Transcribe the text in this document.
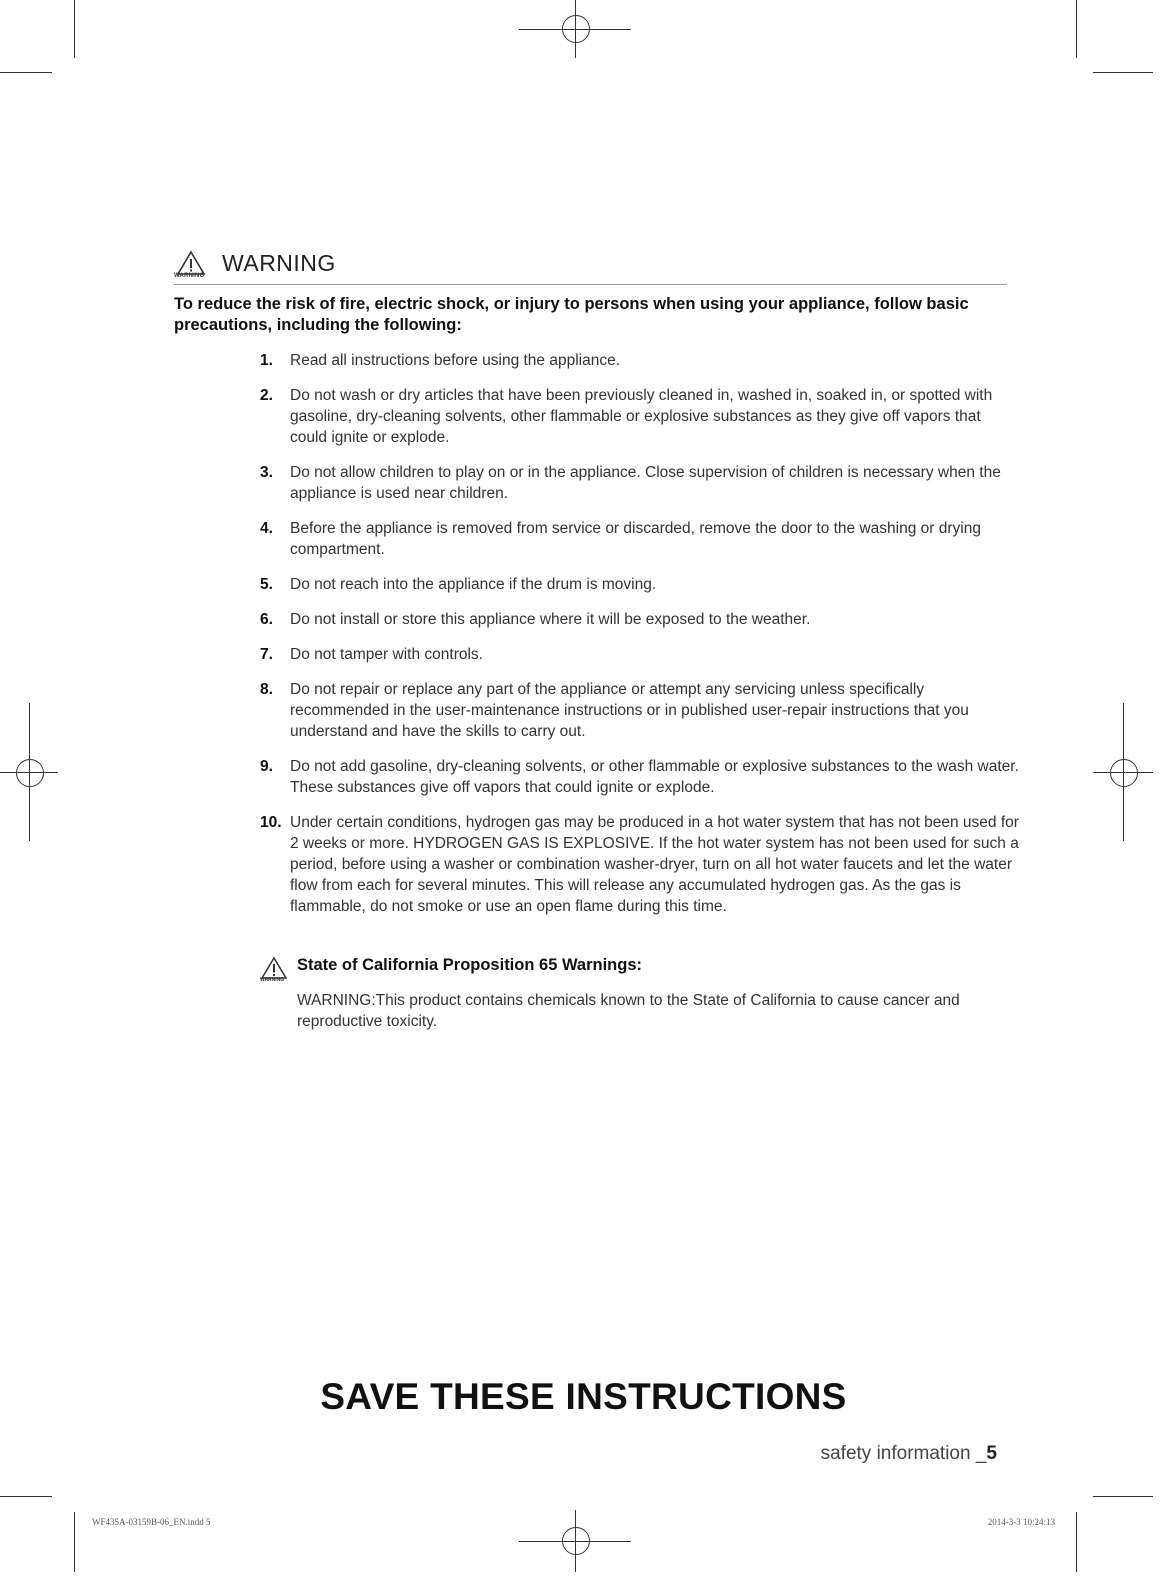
WARNING WARNING
To reduce the risk of fire, electric shock, or injury to persons when using your appliance, follow basic precautions, including the following:
1. Read all instructions before using the appliance.
2. Do not wash or dry articles that have been previously cleaned in, washed in, soaked in, or spotted with gasoline, dry-cleaning solvents, other flammable or explosive substances as they give off vapors that could ignite or explode.
3. Do not allow children to play on or in the appliance. Close supervision of children is necessary when the appliance is used near children.
4. Before the appliance is removed from service or discarded, remove the door to the washing or drying compartment.
5. Do not reach into the appliance if the drum is moving.
6. Do not install or store this appliance where it will be exposed to the weather.
7. Do not tamper with controls.
8. Do not repair or replace any part of the appliance or attempt any servicing unless specifically recommended in the user-maintenance instructions or in published user-repair instructions that you understand and have the skills to carry out.
9. Do not add gasoline, dry-cleaning solvents, or other flammable or explosive substances to the wash water. These substances give off vapors that could ignite or explode.
10. Under certain conditions, hydrogen gas may be produced in a hot water system that has not been used for 2 weeks or more. HYDROGEN GAS IS EXPLOSIVE. If the hot water system has not been used for such a period, before using a washer or combination washer-dryer, turn on all hot water faucets and let the water flow from each for several minutes. This will release any accumulated hydrogen gas. As the gas is flammable, do not smoke or use an open flame during this time.
WARNING
State of California Proposition 65 Warnings:
WARNING:This product contains chemicals known to the State of California to cause cancer and reproductive toxicity.
SAVE THESE INSTRUCTIONS
safety information _5
WF435A-03159B-06_EN.indd 5	2014-3-3 10:24:13
